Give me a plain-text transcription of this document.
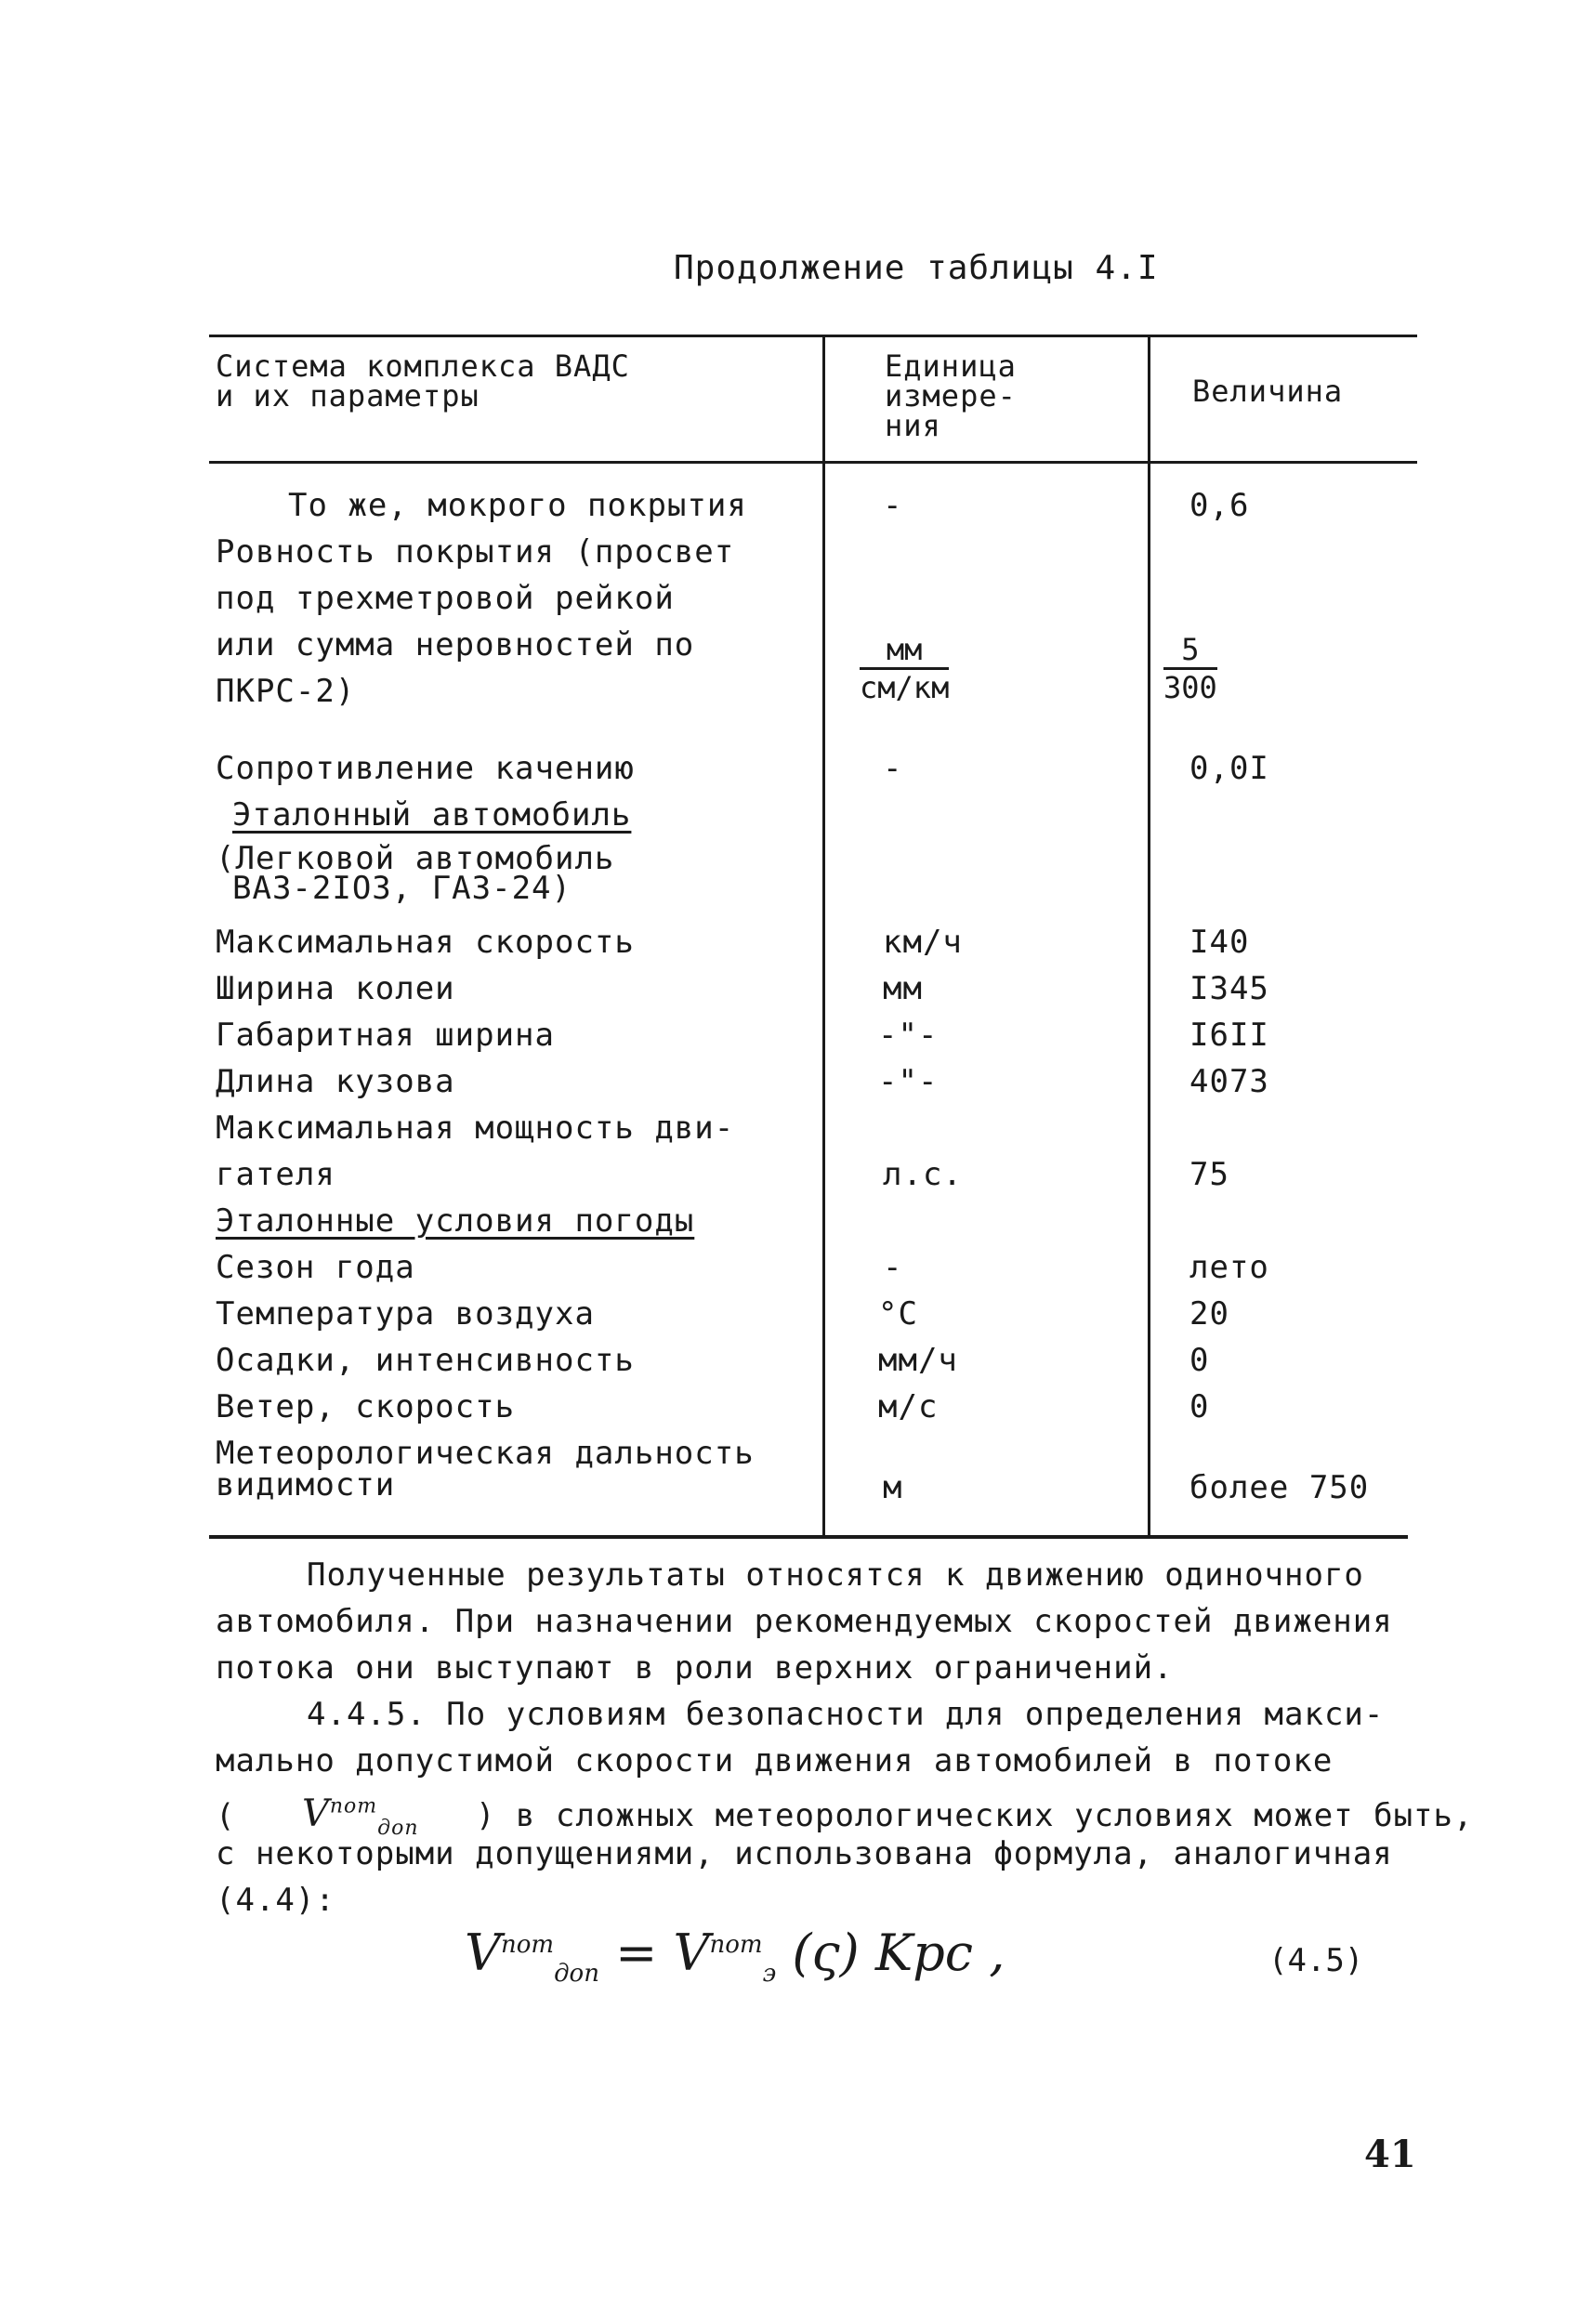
Продолжение таблицы 4.I
Система комплекса ВАДС
и их параметры
Единица
измере-
ния
Величина
То же, мокрого покрытия
Ровность покрытия (просвет
под трехметровой рейкой
или сумма неровностей по
ПКРС-2)
Сопротивление качению
Эталонный автомобиль
(Легковой автомобиль
ВАЗ-2IО3, ГАЗ-24)
Максимальная скорость
Ширина колеи
Габаритная ширина
Длина кузова
Максимальная мощность дви-
гателя
Эталонные условия погоды
Сезон года
Температура воздуха
Осадки, интенсивность
Ветер, скорость
Метеорологическая дальность
видимости
-
мм
см/км
-
км/ч
мм
-"-
-"-
л.с.
-
°С
мм/ч
м/с
м
0,6
$\frac{5}{300}$
0,0I
I40
I345
I6II
4073
75
лето
20
0
0
более 750
Полученные результаты относятся к движению одиночного
автомобиля. При назначении рекомендуемых скоростей движения
потока они выступают в роли верхних ограничений.
4.4.5. По условиям безопасности для определения макси-
мально допустимой скорости движения автомобилей в потоке
( $V^{пот}_{доп}$ ) в сложных метеорологических условиях может быть,
с некоторыми допущениями, использована формула, аналогичная
(4.4):
$V^{пот}_{доп} = V^{пот}_э$ (ς) Kрс ,	(4.5)
41
